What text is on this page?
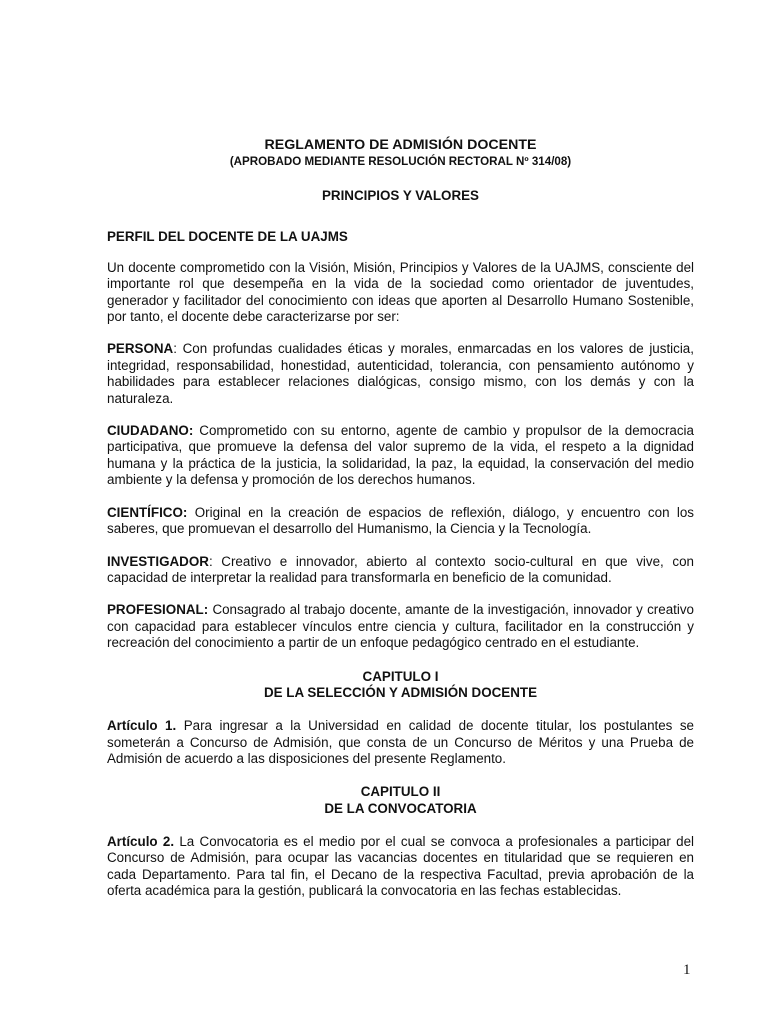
REGLAMENTO DE ADMISIÓN DOCENTE
(APROBADO MEDIANTE RESOLUCIÓN RECTORAL Nº 314/08)
PRINCIPIOS Y VALORES
PERFIL DEL DOCENTE DE LA UAJMS

Un docente comprometido con la Visión, Misión, Principios y Valores de la UAJMS, consciente del importante rol que desempeña en la vida de la sociedad como orientador de juventudes, generador y facilitador del conocimiento con ideas que aporten al Desarrollo Humano Sostenible, por tanto, el docente debe caracterizarse por ser:

PERSONA: Con profundas cualidades éticas y morales, enmarcadas en los valores de justicia, integridad, responsabilidad, honestidad, autenticidad, tolerancia, con pensamiento autónomo y habilidades para establecer relaciones dialógicas, consigo mismo, con los demás y con la naturaleza.

CIUDADANO: Comprometido con su entorno, agente de cambio y propulsor de la democracia participativa, que promueve la defensa del valor supremo de la vida, el respeto a la dignidad humana y la práctica de la justicia, la solidaridad, la paz, la equidad, la conservación del medio ambiente y la defensa y promoción de los derechos humanos.

CIENTÍFICO: Original en la creación de espacios de reflexión, diálogo, y encuentro con los saberes, que promuevan el desarrollo del Humanismo, la Ciencia y la Tecnología.

INVESTIGADOR: Creativo e innovador, abierto al contexto socio-cultural en que vive, con capacidad de interpretar la realidad para transformarla en beneficio de la comunidad.

PROFESIONAL: Consagrado al trabajo docente, amante de la investigación, innovador y creativo con capacidad para establecer vínculos entre ciencia y cultura, facilitador en la construcción y recreación del conocimiento a partir de un enfoque pedagógico centrado en el estudiante.

CAPITULO I
DE LA SELECCIÓN Y ADMISIÓN DOCENTE

Artículo 1. Para ingresar a la Universidad en calidad de docente titular, los postulantes se someterán a Concurso de Admisión, que consta de un Concurso de Méritos y una Prueba de Admisión de acuerdo a las disposiciones del presente Reglamento.

CAPITULO II
DE LA CONVOCATORIA

Artículo 2. La Convocatoria es el medio por el cual se convoca a profesionales a participar del Concurso de Admisión, para ocupar las vacancias docentes en titularidad que se requieren en cada Departamento. Para tal fin, el Decano de la respectiva Facultad, previa aprobación de la oferta académica para la gestión, publicará la convocatoria en las fechas establecidas.

1
